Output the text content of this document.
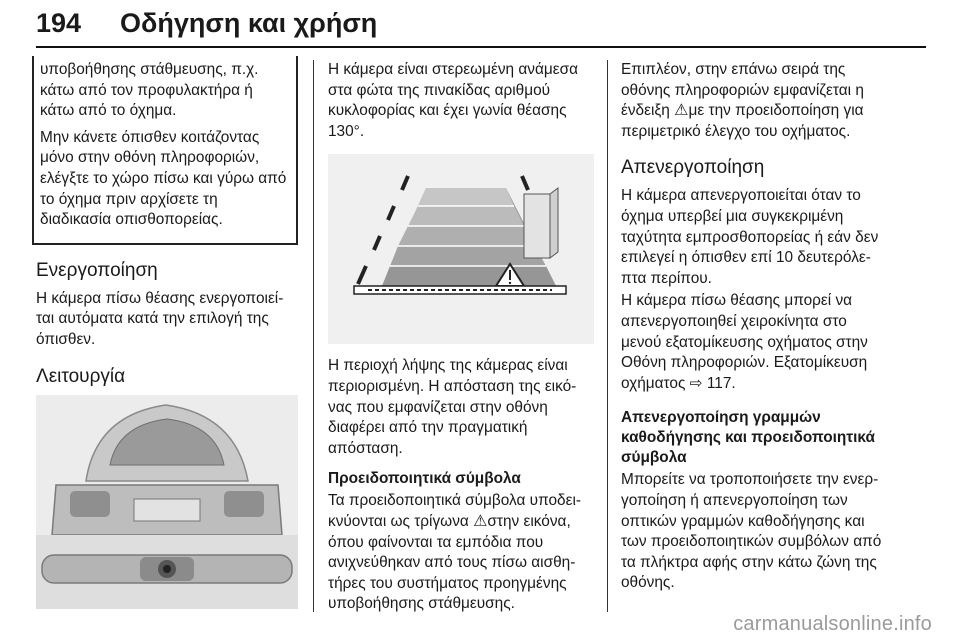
194 Οδήγηση και χρήση

υποβοήθησης στάθμευσης, π.χ. κάτω από τον προφυλακτήρα ή κάτω από το όχημα.

Μην κάνετε όπισθεν κοιτάζοντας μόνο στην οθόνη πληροφοριών, ελέγξτε το χώρο πίσω και γύρω από το όχημα πριν αρχίσετε τη διαδικασία οπισθοπορείας.

Ενεργοποίηση

Η κάμερα πίσω θέασης ενεργοποιεί-ται αυτόματα κατά την επιλογή της όπισθεν.

Λειτουργία

Η κάμερα είναι στερεωμένη ανάμεσα στα φώτα της πινακίδας αριθμού κυκλοφορίας και έχει γωνία θέασης 130°.

Η περιοχή λήψης της κάμερας είναι περιορισμένη. Η απόσταση της εικό-νας που εμφανίζεται στην οθόνη διαφέρει από την πραγματική απόσταση.

Προειδοποιητικά σύμβολα

Τα προειδοποιητικά σύμβολα υποδει-κνύονται ως τρίγωνα ⚠στην εικόνα, όπου φαίνονται τα εμπόδια που ανιχνεύθηκαν από τους πίσω αισθη-τήρες του συστήματος προηγμένης υποβοήθησης στάθμευσης.

Επιπλέον, στην επάνω σειρά της οθόνης πληροφοριών εμφανίζεται η ένδειξη ⚠με την προειδοποίηση για περιμετρικό έλεγχο του οχήματος.

Απενεργοποίηση

Η κάμερα απενεργοποιείται όταν το όχημα υπερβεί μια συγκεκριμένη ταχύτητα εμπροσθοπορείας ή εάν δεν επιλεγεί η όπισθεν επί 10 δευτερόλε-πτα περίπου.

Η κάμερα πίσω θέασης μπορεί να απενεργοποιηθεί χειροκίνητα στο μενού εξατομίκευσης οχήματος στην Οθόνη πληροφοριών. Εξατομίκευση οχήματος ⇨ 117.

Απενεργοποίηση γραμμών καθοδήγησης και προειδοποιητικά σύμβολα

Μπορείτε να τροποποιήσετε την ενερ-γοποίηση ή απενεργοποίηση των οπτικών γραμμών καθοδήγησης και των προειδοποιητικών συμβόλων από τα πλήκτρα αφής στην κάτω ζώνη της οθόνης.

carmanualsonline.info
